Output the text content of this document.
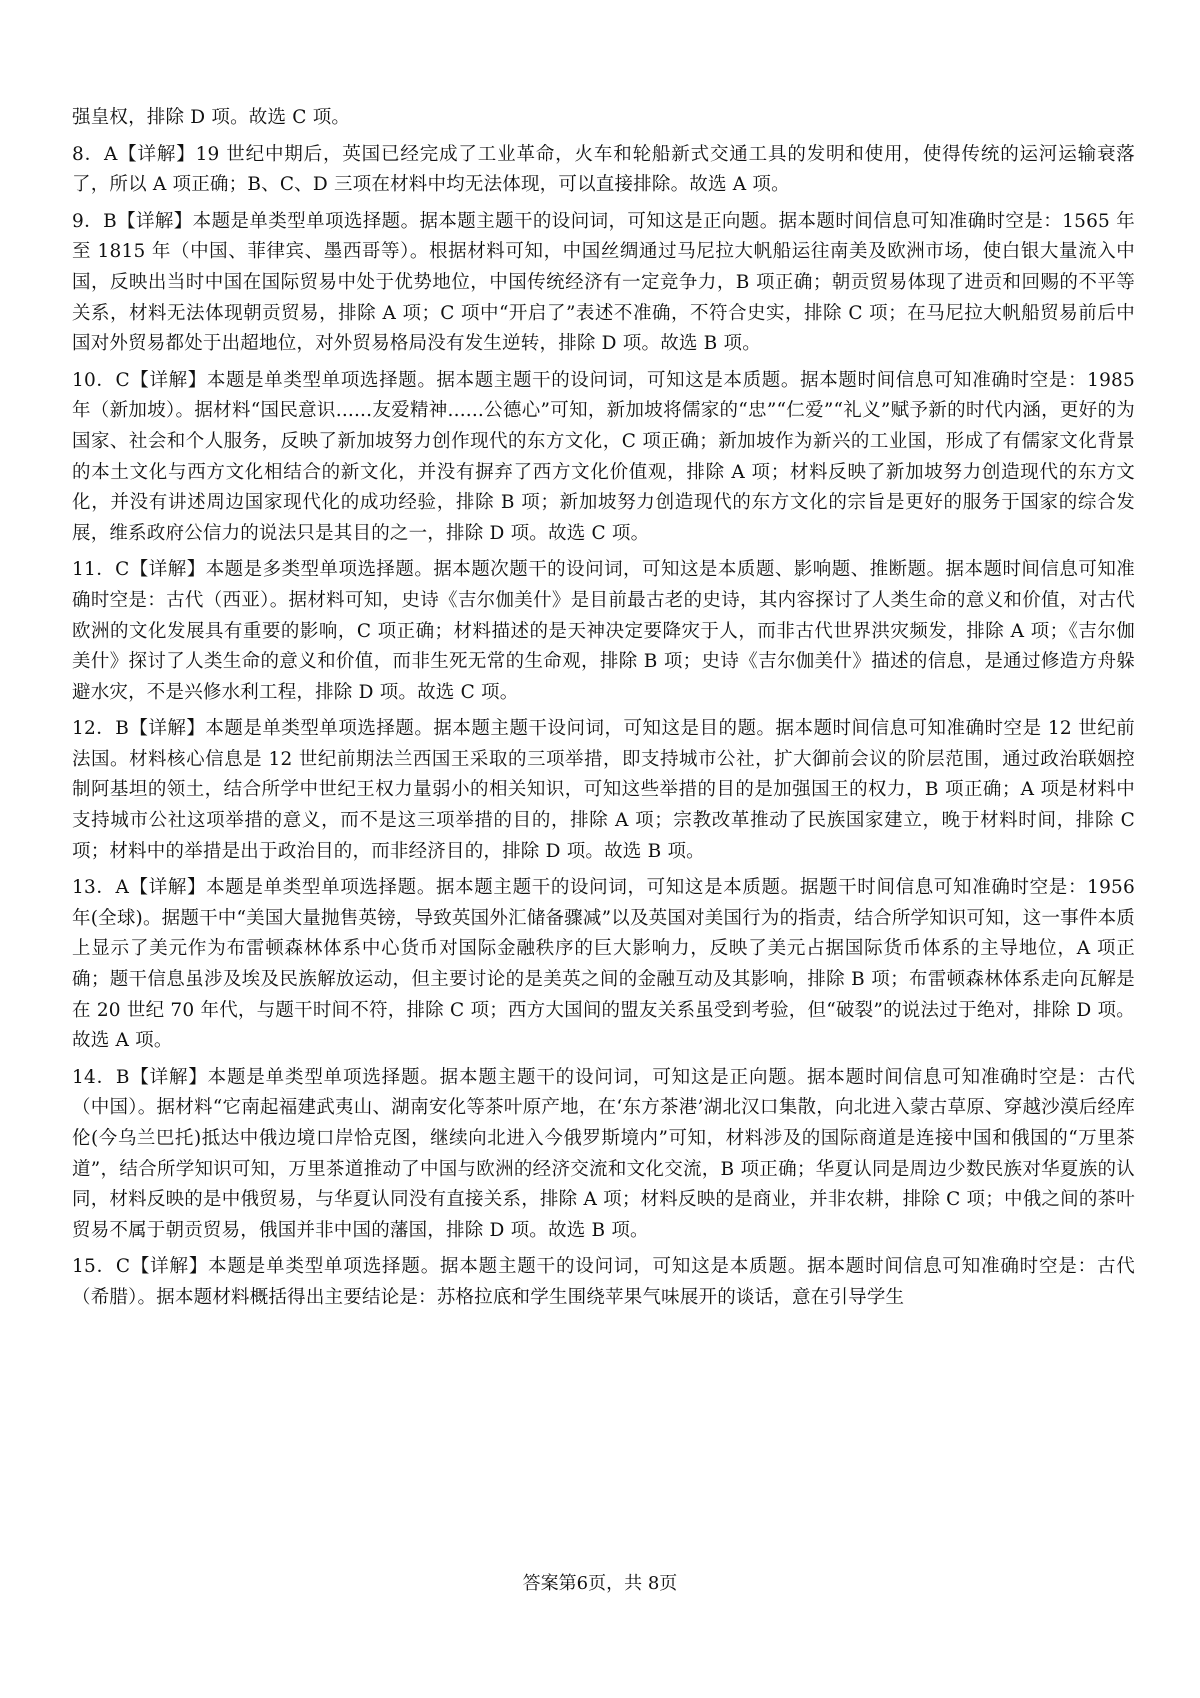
强皇权，排除 D 项。故选 C 项。

8．A【详解】19 世纪中期后，英国已经完成了工业革命，火车和轮船新式交通工具的发明和使用，使得传统的运河运输衰落了，所以 A 项正确；B、C、D 三项在材料中均无法体现，可以直接排除。故选 A 项。

9．B【详解】本题是单类型单项选择题。据本题主题干的设问词，可知这是正向题。据本题时间信息可知准确时空是：1565 年至 1815 年（中国、菲律宾、墨西哥等）。根据材料可知，中国丝绸通过马尼拉大帆船运往南美及欧洲市场，使白银大量流入中国，反映出当时中国在国际贸易中处于优势地位，中国传统经济有一定竞争力，B 项正确；朝贡贸易体现了进贡和回赐的不平等关系，材料无法体现朝贡贸易，排除 A 项；C 项中“开启了”表述不准确，不符合史实，排除 C 项；在马尼拉大帆船贸易前后中国对外贸易都处于出超地位，对外贸易格局没有发生逆转，排除 D 项。故选 B 项。

10．C【详解】本题是单类型单项选择题。据本题主题干的设问词，可知这是本质题。据本题时间信息可知准确时空是：1985 年（新加坡）。据材料“国民意识......友爱精神......公德心”可知，新加坡将儒家的“忠”“仁爱”“礼义”赋予新的时代内涵，更好的为国家、社会和个人服务，反映了新加坡努力创作现代的东方文化，C 项正确；新加坡作为新兴的工业国，形成了有儒家文化背景的本土文化与西方文化相结合的新文化，并没有摒弃了西方文化价值观，排除 A 项；材料反映了新加坡努力创造现代的东方文化，并没有讲述周边国家现代化的成功经验，排除 B 项；新加坡努力创造现代的东方文化的宗旨是更好的服务于国家的综合发展，维系政府公信力的说法只是其目的之一，排除 D 项。故选 C 项。

11．C【详解】本题是多类型单项选择题。据本题次题干的设问词，可知这是本质题、影响题、推断题。据本题时间信息可知准确时空是：古代（西亚）。据材料可知，史诗《吉尔伽美什》是目前最古老的史诗，其内容探讨了人类生命的意义和价值，对古代欧洲的文化发展具有重要的影响，C 项正确；材料描述的是天神决定要降灾于人，而非古代世界洪灾频发，排除 A 项；《吉尔伽美什》探讨了人类生命的意义和价值，而非生死无常的生命观，排除 B 项；史诗《吉尔伽美什》描述的信息，是通过修造方舟躲避水灾，不是兴修水利工程，排除 D 项。故选 C 项。

12．B【详解】本题是单类型单项选择题。据本题主题干设问词，可知这是目的题。据本题时间信息可知准确时空是 12 世纪前法国。材料核心信息是 12 世纪前期法兰西国王采取的三项举措，即支持城市公社，扩大御前会议的阶层范围，通过政治联姻控制阿基坦的领土，结合所学中世纪王权力量弱小的相关知识，可知这些举措的目的是加强国王的权力，B 项正确；A 项是材料中支持城市公社这项举措的意义，而不是这三项举措的目的，排除 A 项；宗教改革推动了民族国家建立，晚于材料时间，排除 C 项；材料中的举措是出于政治目的，而非经济目的，排除 D 项。故选 B 项。

13．A【详解】本题是单类型单项选择题。据本题主题干的设问词，可知这是本质题。据题干时间信息可知准确时空是：1956 年(全球)。据题干中“美国大量抛售英镑，导致英国外汇储备骤减”以及英国对美国行为的指责，结合所学知识可知，这一事件本质上显示了美元作为布雷顿森林体系中心货币对国际金融秩序的巨大影响力，反映了美元占据国际货币体系的主导地位，A 项正确；题干信息虽涉及埃及民族解放运动，但主要讨论的是美英之间的金融互动及其影响，排除 B 项；布雷顿森林体系走向瓦解是在 20 世纪 70 年代，与题干时间不符，排除 C 项；西方大国间的盟友关系虽受到考验，但“破裂”的说法过于绝对，排除 D 项。故选 A 项。

14．B【详解】本题是单类型单项选择题。据本题主题干的设问词，可知这是正向题。据本题时间信息可知准确时空是：古代（中国）。据材料“它南起福建武夷山、湖南安化等茶叶原产地，在‘东方茶港’湖北汉口集散，向北进入蒙古草原、穿越沙漠后经库伦(今乌兰巴托)抵达中俄边境口岸恰克图，继续向北进入今俄罗斯境内”可知，材料涉及的国际商道是连接中国和俄国的“万里茶道”，结合所学知识可知，万里茶道推动了中国与欧洲的经济交流和文化交流，B 项正确；华夏认同是周边少数民族对华夏族的认同，材料反映的是中俄贸易，与华夏认同没有直接关系，排除 A 项；材料反映的是商业，并非农耕，排除 C 项；中俄之间的茶叶贸易不属于朝贡贸易，俄国并非中国的藩国，排除 D 项。故选 B 项。

15．C【详解】本题是单类型单项选择题。据本题主题干的设问词，可知这是本质题。据本题时间信息可知准确时空是：古代（希腊）。据本题材料概括得出主要结论是：苏格拉底和学生围绕苹果气味展开的谈话，意在引导学生

答案第6页，共 8页
